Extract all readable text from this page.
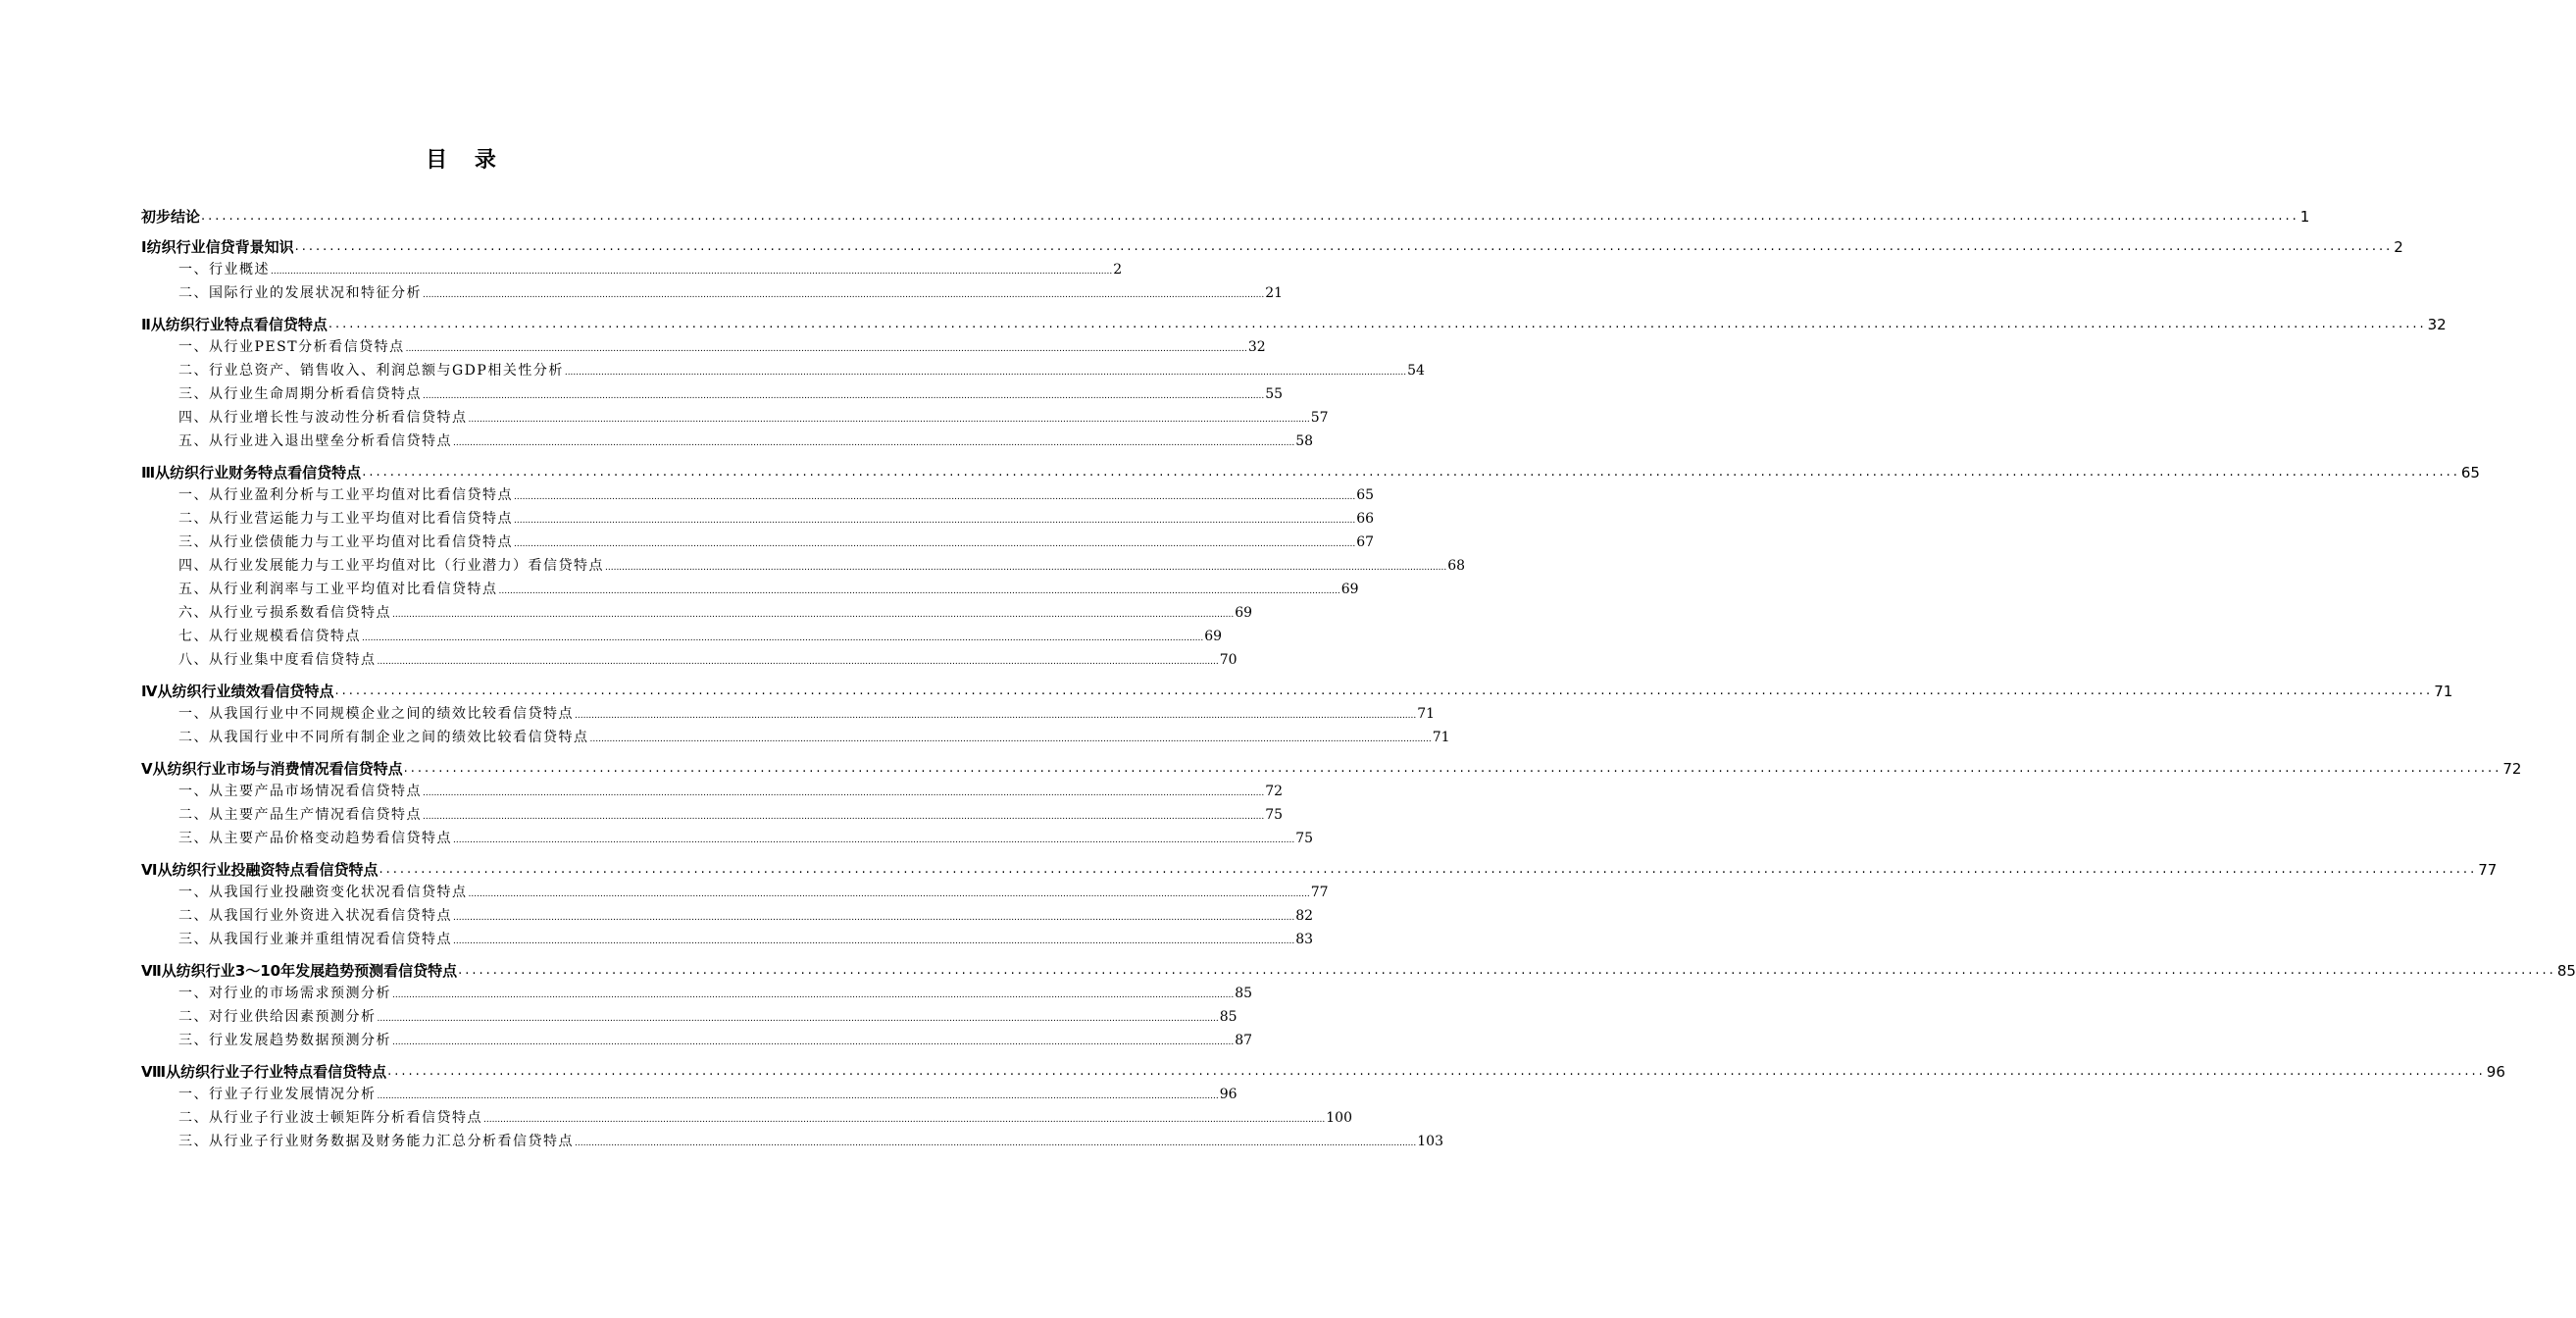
目 录
初步结论 ............................................................................................................................................................................................................................................................................................................ 1
Ⅰ纺织行业信贷背景知识 ............................................................................................................................................................................................................................................................................................................ 2
一、行业概述 ............................................................................................................................................................................................................................................................................................................ 2
二、国际行业的发展状况和特征分析 ............................................................................................................................................................................................................................................................................................................ 21
Ⅱ从纺织行业特点看信贷特点 ............................................................................................................................................................................................................................................................................................................ 32
一、从行业PEST分析看信贷特点 ............................................................................................................................................................................................................................................................................................................ 32
二、行业总资产、销售收入、利润总额与GDP相关性分析 ............................................................................................................................................................................................................................................................................................................ 54
三、从行业生命周期分析看信贷特点 ............................................................................................................................................................................................................................................................................................................ 55
四、从行业增长性与波动性分析看信贷特点 ............................................................................................................................................................................................................................................................................................................ 57
五、从行业进入退出壁垒分析看信贷特点 ............................................................................................................................................................................................................................................................................................................ 58
Ⅲ从纺织行业财务特点看信贷特点 ............................................................................................................................................................................................................................................................................................................ 65
一、从行业盈利分析与工业平均值对比看信贷特点 ............................................................................................................................................................................................................................................................................................................ 65
二、从行业营运能力与工业平均值对比看信贷特点 ............................................................................................................................................................................................................................................................................................................ 66
三、从行业偿债能力与工业平均值对比看信贷特点 ............................................................................................................................................................................................................................................................................................................ 67
四、从行业发展能力与工业平均值对比（行业潜力）看信贷特点 ............................................................................................................................................................................................................................................................................................................ 68
五、从行业利润率与工业平均值对比看信贷特点 ............................................................................................................................................................................................................................................................................................................ 69
六、从行业亏损系数看信贷特点 ............................................................................................................................................................................................................................................................................................................ 69
七、从行业规模看信贷特点 ............................................................................................................................................................................................................................................................................................................ 69
八、从行业集中度看信贷特点 ............................................................................................................................................................................................................................................................................................................ 70
Ⅳ从纺织行业绩效看信贷特点 ............................................................................................................................................................................................................................................................................................................ 71
一、从我国行业中不同规模企业之间的绩效比较看信贷特点 ............................................................................................................................................................................................................................................................................................................ 71
二、从我国行业中不同所有制企业之间的绩效比较看信贷特点 ............................................................................................................................................................................................................................................................................................................ 71
Ⅴ从纺织行业市场与消费情况看信贷特点 ............................................................................................................................................................................................................................................................................................................ 72
一、从主要产品市场情况看信贷特点 ............................................................................................................................................................................................................................................................................................................ 72
二、从主要产品生产情况看信贷特点 ............................................................................................................................................................................................................................................................................................................ 75
三、从主要产品价格变动趋势看信贷特点 ............................................................................................................................................................................................................................................................................................................ 75
Ⅵ从纺织行业投融资特点看信贷特点 ............................................................................................................................................................................................................................................................................................................ 77
一、从我国行业投融资变化状况看信贷特点 ............................................................................................................................................................................................................................................................................................................ 77
二、从我国行业外资进入状况看信贷特点 ............................................................................................................................................................................................................................................................................................................ 82
三、从我国行业兼并重组情况看信贷特点 ............................................................................................................................................................................................................................................................................................................ 83
Ⅶ从纺织行业3～10年发展趋势预测看信贷特点 ............................................................................................................................................................................................................................................................................................................ 85
一、对行业的市场需求预测分析 ............................................................................................................................................................................................................................................................................................................ 85
二、对行业供给因素预测分析 ............................................................................................................................................................................................................................................................................................................ 85
三、行业发展趋势数据预测分析 ............................................................................................................................................................................................................................................................................................................ 87
Ⅷ从纺织行业子行业特点看信贷特点 ............................................................................................................................................................................................................................................................................................................ 96
一、行业子行业发展情况分析 ............................................................................................................................................................................................................................................................................................................ 96
二、从行业子行业波士顿矩阵分析看信贷特点 ............................................................................................................................................................................................................................................................................................................ 100
三、从行业子行业财务数据及财务能力汇总分析看信贷特点 ............................................................................................................................................................................................................................................................................................................ 103
